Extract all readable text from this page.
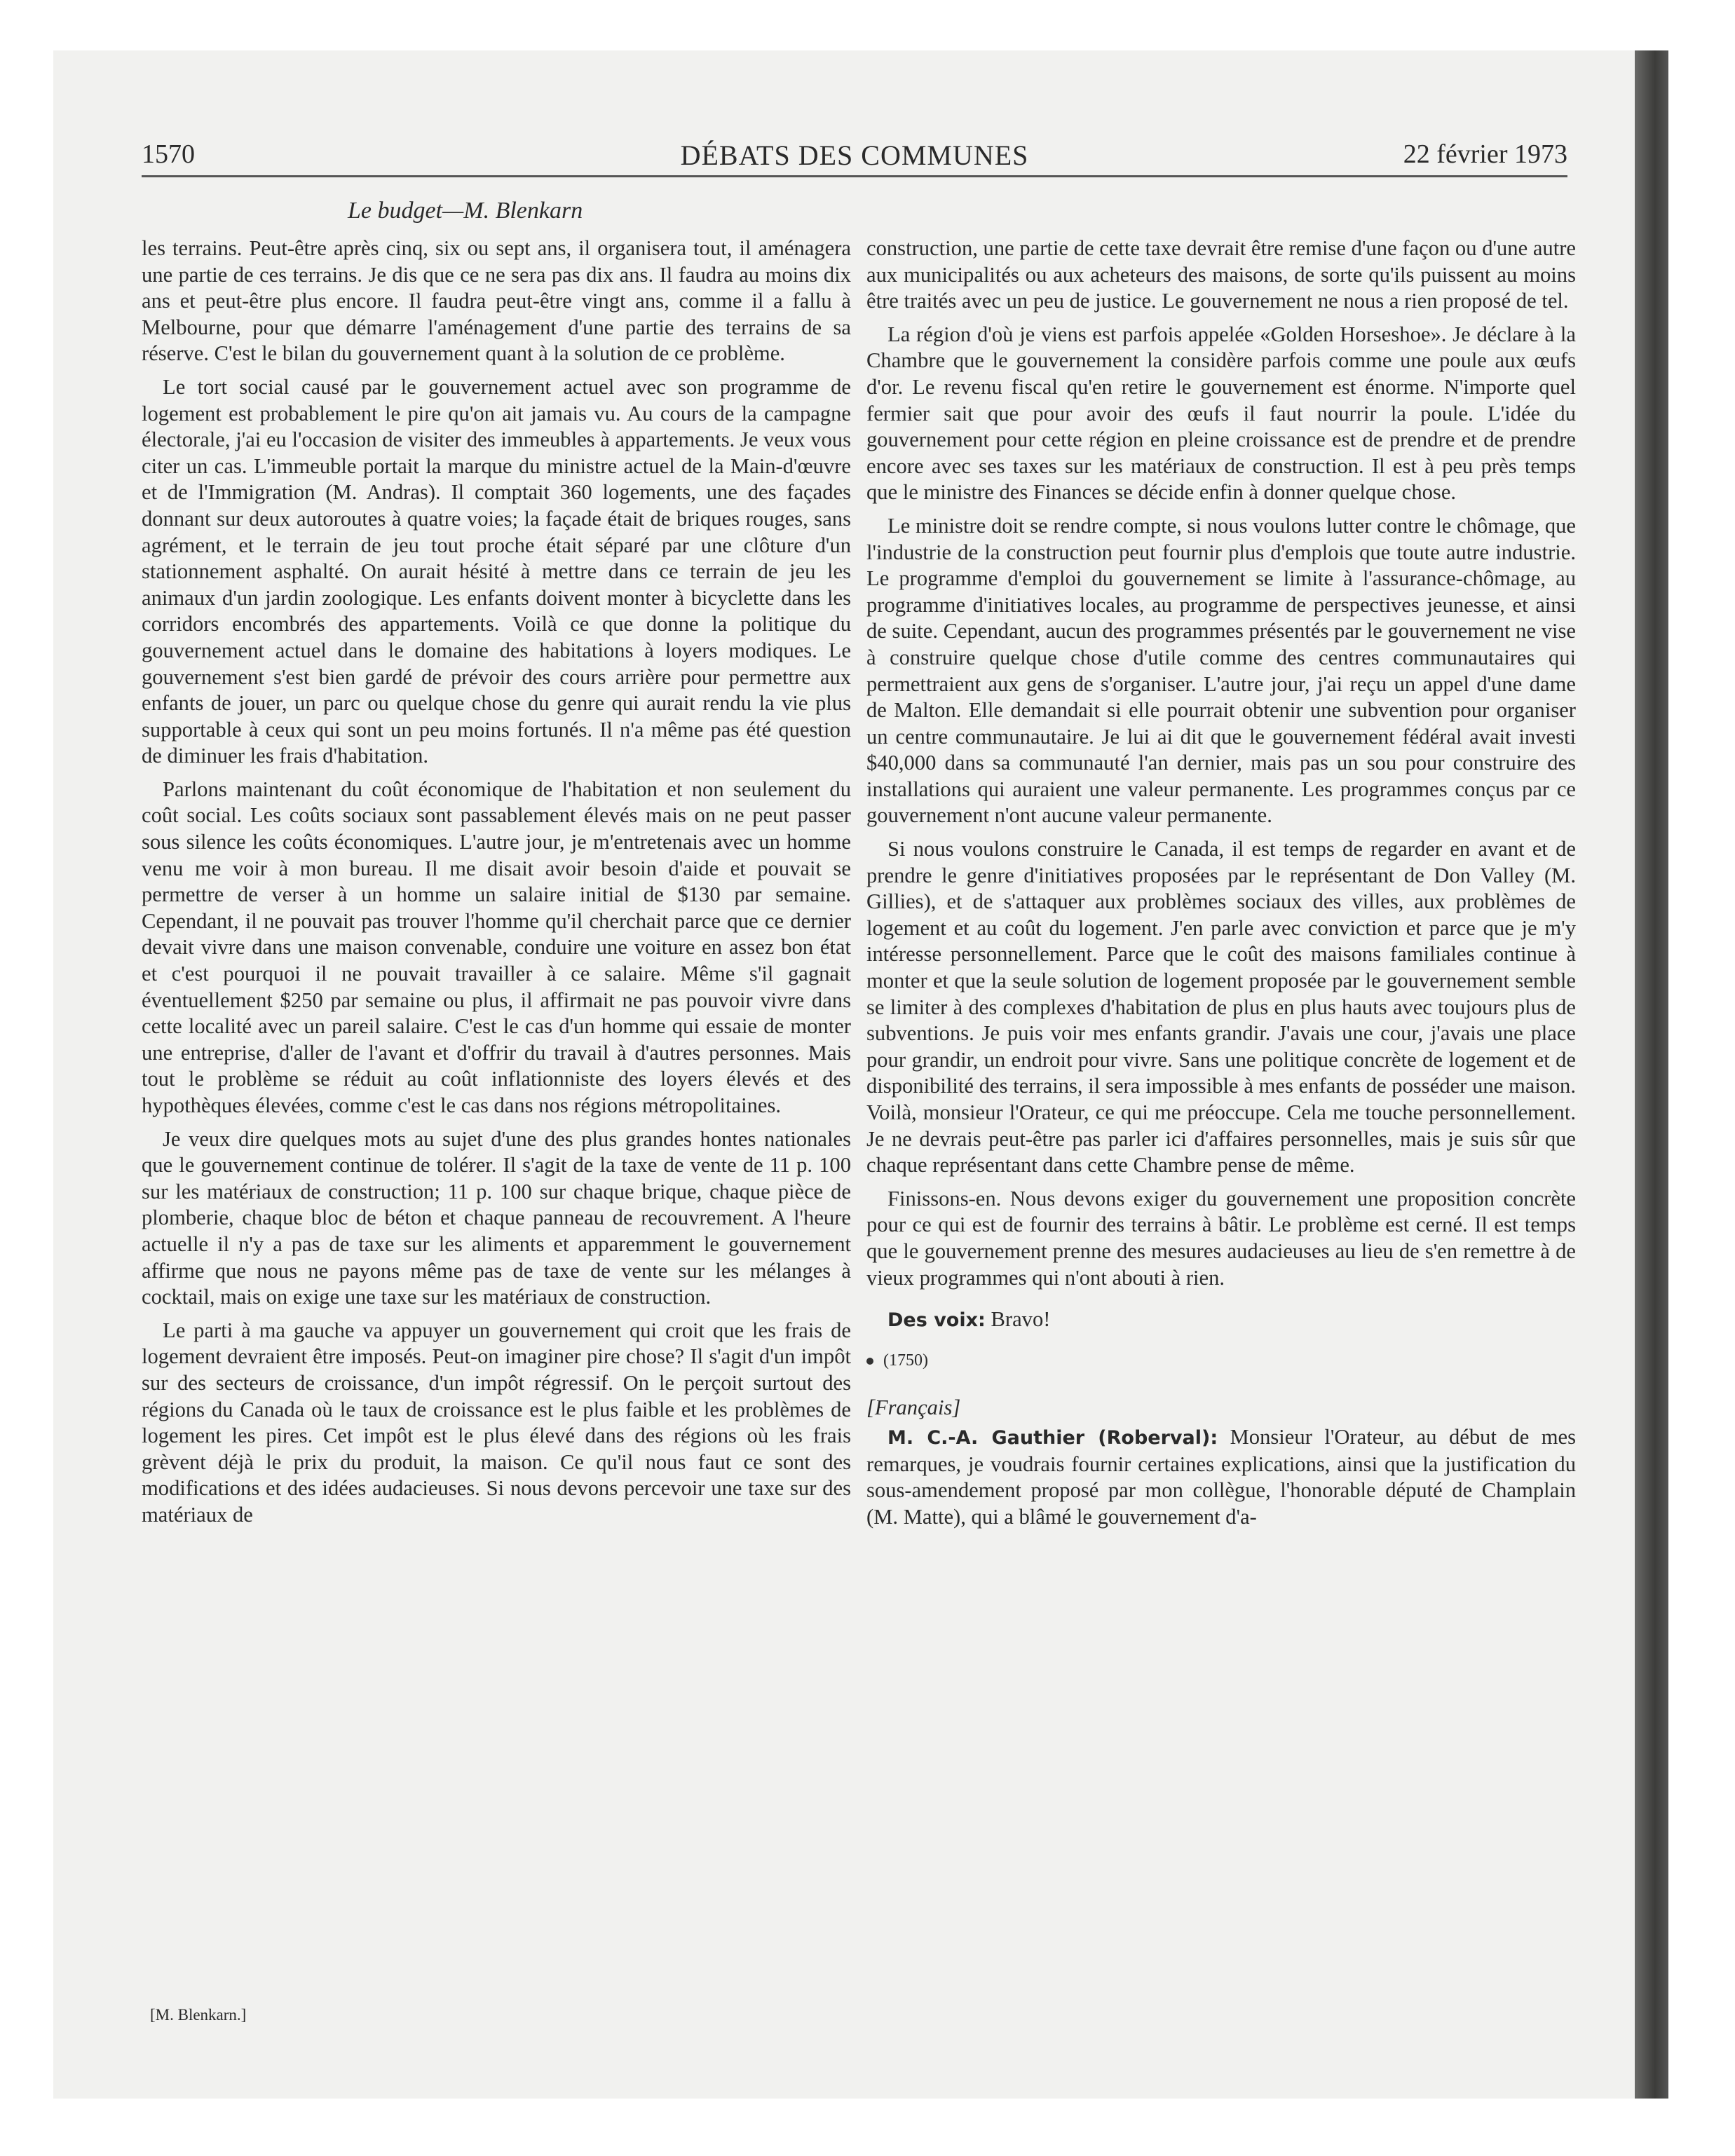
1570	DÉBATS DES COMMUNES	22 février 1973
Le budget—M. Blenkarn

les terrains. Peut-être après cinq, six ou sept ans, il organisera tout, il aménagera une partie de ces terrains. Je dis que ce ne sera pas dix ans. Il faudra au moins dix ans et peut-être plus encore. Il faudra peut-être vingt ans, comme il a fallu à Melbourne, pour que démarre l'aménagement d'une partie des terrains de sa réserve. C'est le bilan du gouvernement quant à la solution de ce problème.

Le tort social causé par le gouvernement actuel avec son programme de logement est probablement le pire qu'on ait jamais vu. Au cours de la campagne électorale, j'ai eu l'occasion de visiter des immeubles à appartements. Je veux vous citer un cas. L'immeuble portait la marque du ministre actuel de la Main-d'œuvre et de l'Immigration (M. Andras). Il comptait 360 logements, une des façades donnant sur deux autoroutes à quatre voies; la façade était de briques rouges, sans agrément, et le terrain de jeu tout proche était séparé par une clôture d'un stationnement asphalté. On aurait hésité à mettre dans ce terrain de jeu les animaux d'un jardin zoologique. Les enfants doivent monter à bicyclette dans les corridors encombrés des appartements. Voilà ce que donne la politique du gouvernement actuel dans le domaine des habitations à loyers modiques. Le gouvernement s'est bien gardé de prévoir des cours arrière pour permettre aux enfants de jouer, un parc ou quelque chose du genre qui aurait rendu la vie plus supportable à ceux qui sont un peu moins fortunés. Il n'a même pas été question de diminuer les frais d'habitation.

Parlons maintenant du coût économique de l'habitation et non seulement du coût social. Les coûts sociaux sont passablement élevés mais on ne peut passer sous silence les coûts économiques. L'autre jour, je m'entretenais avec un homme venu me voir à mon bureau. Il me disait avoir besoin d'aide et pouvait se permettre de verser à un homme un salaire initial de $130 par semaine. Cependant, il ne pouvait pas trouver l'homme qu'il cherchait parce que ce dernier devait vivre dans une maison convenable, conduire une voiture en assez bon état et c'est pourquoi il ne pouvait travailler à ce salaire. Même s'il gagnait éventuellement $250 par semaine ou plus, il affirmait ne pas pouvoir vivre dans cette localité avec un pareil salaire. C'est le cas d'un homme qui essaie de monter une entreprise, d'aller de l'avant et d'offrir du travail à d'autres personnes. Mais tout le problème se réduit au coût inflationniste des loyers élevés et des hypothèques élevées, comme c'est le cas dans nos régions métropolitaines.

Je veux dire quelques mots au sujet d'une des plus grandes hontes nationales que le gouvernement continue de tolérer. Il s'agit de la taxe de vente de 11 p. 100 sur les matériaux de construction; 11 p. 100 sur chaque brique, chaque pièce de plomberie, chaque bloc de béton et chaque panneau de recouvrement. A l'heure actuelle il n'y a pas de taxe sur les aliments et apparemment le gouvernement affirme que nous ne payons même pas de taxe de vente sur les mélanges à cocktail, mais on exige une taxe sur les matériaux de construction.

Le parti à ma gauche va appuyer un gouvernement qui croit que les frais de logement devraient être imposés. Peut-on imaginer pire chose? Il s'agit d'un impôt sur des secteurs de croissance, d'un impôt régressif. On le perçoit surtout des régions du Canada où le taux de croissance est le plus faible et les problèmes de logement les pires. Cet impôt est le plus élevé dans des régions où les frais grèvent déjà le prix du produit, la maison. Ce qu'il nous faut ce sont des modifications et des idées audacieuses. Si nous devons percevoir une taxe sur des matériaux de

construction, une partie de cette taxe devrait être remise d'une façon ou d'une autre aux municipalités ou aux acheteurs des maisons, de sorte qu'ils puissent au moins être traités avec un peu de justice. Le gouvernement ne nous a rien proposé de tel.

La région d'où je viens est parfois appelée «Golden Horseshoe». Je déclare à la Chambre que le gouvernement la considère parfois comme une poule aux œufs d'or. Le revenu fiscal qu'en retire le gouvernement est énorme. N'importe quel fermier sait que pour avoir des œufs il faut nourrir la poule. L'idée du gouvernement pour cette région en pleine croissance est de prendre et de prendre encore avec ses taxes sur les matériaux de construction. Il est à peu près temps que le ministre des Finances se décide enfin à donner quelque chose.

Le ministre doit se rendre compte, si nous voulons lutter contre le chômage, que l'industrie de la construction peut fournir plus d'emplois que toute autre industrie. Le programme d'emploi du gouvernement se limite à l'assurance-chômage, au programme d'initiatives locales, au programme de perspectives jeunesse, et ainsi de suite. Cependant, aucun des programmes présentés par le gouvernement ne vise à construire quelque chose d'utile comme des centres communautaires qui permettraient aux gens de s'organiser. L'autre jour, j'ai reçu un appel d'une dame de Malton. Elle demandait si elle pourrait obtenir une subvention pour organiser un centre communautaire. Je lui ai dit que le gouvernement fédéral avait investi $40,000 dans sa communauté l'an dernier, mais pas un sou pour construire des installations qui auraient une valeur permanente. Les programmes conçus par ce gouvernement n'ont aucune valeur permanente.

Si nous voulons construire le Canada, il est temps de regarder en avant et de prendre le genre d'initiatives proposées par le représentant de Don Valley (M. Gillies), et de s'attaquer aux problèmes sociaux des villes, aux problèmes de logement et au coût du logement. J'en parle avec conviction et parce que je m'y intéresse personnellement. Parce que le coût des maisons familiales continue à monter et que la seule solution de logement proposée par le gouvernement semble se limiter à des complexes d'habitation de plus en plus hauts avec toujours plus de subventions. Je puis voir mes enfants grandir. J'avais une cour, j'avais une place pour grandir, un endroit pour vivre. Sans une politique concrète de logement et de disponibilité des terrains, il sera impossible à mes enfants de posséder une maison. Voilà, monsieur l'Orateur, ce qui me préoccupe. Cela me touche personnellement. Je ne devrais peut-être pas parler ici d'affaires personnelles, mais je suis sûr que chaque représentant dans cette Chambre pense de même.

Finissons-en. Nous devons exiger du gouvernement une proposition concrète pour ce qui est de fournir des terrains à bâtir. Le problème est cerné. Il est temps que le gouvernement prenne des mesures audacieuses au lieu de s'en remettre à de vieux programmes qui n'ont abouti à rien.

Des voix: Bravo!

(1750)

[Français]

M. C.-A. Gauthier (Roberval): Monsieur l'Orateur, au début de mes remarques, je voudrais fournir certaines explications, ainsi que la justification du sous-amendement proposé par mon collègue, l'honorable député de Champlain (M. Matte), qui a blâmé le gouvernement d'a-

[M. Blenkarn.]
